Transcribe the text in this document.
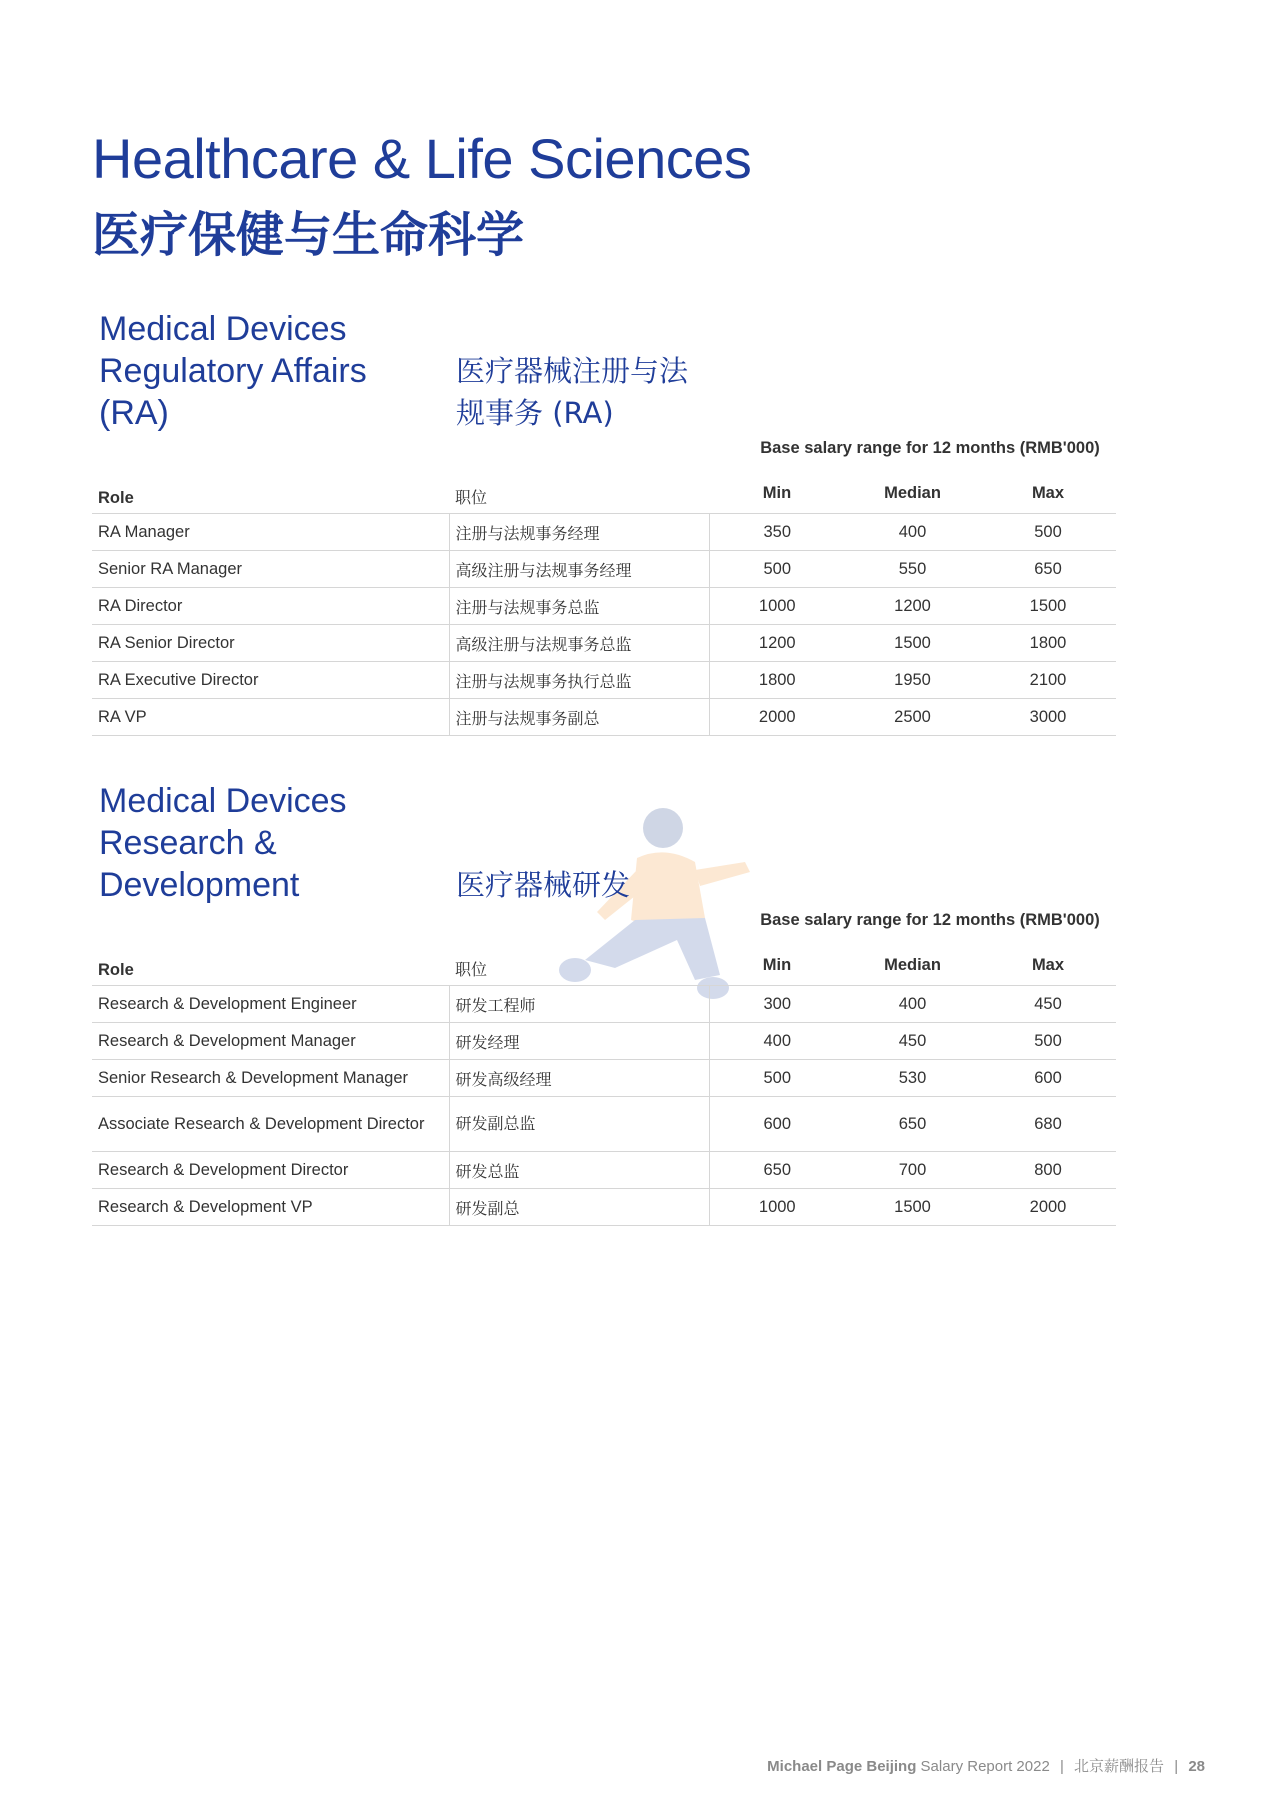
Healthcare & Life Sciences
医疗保健与生命科学
Medical Devices
Regulatory Affairs
(RA)
医疗器械注册与法
规事务 (RA)
Base salary range for 12 months (RMB'000)
Role	职位	Min	Median	Max
RA Manager	注册与法规事务经理	350	400	500
Senior RA Manager	高级注册与法规事务经理	500	550	650
RA Director	注册与法规事务总监	1000	1200	1500
RA Senior Director	高级注册与法规事务总监	1200	1500	1800
RA Executive Director	注册与法规事务执行总监	1800	1950	2100
RA VP	注册与法规事务副总	2000	2500	3000
Medical Devices
Research &
Development	医疗器械研发
Base salary range for 12 months (RMB'000)
Role	职位	Min	Median	Max
Research & Development Engineer	研发工程师	300	400	450
Research & Development Manager	研发经理	400	450	500
Senior Research & Development Manager	研发高级经理	500	530	600
Associate Research & Development Director	研发副总监	600	650	680
Research & Development Director	研发总监	650	700	800
Research & Development VP	研发副总	1000	1500	2000
Michael Page Beijing Salary Report 2022 | 北京薪酬报告 | 28
